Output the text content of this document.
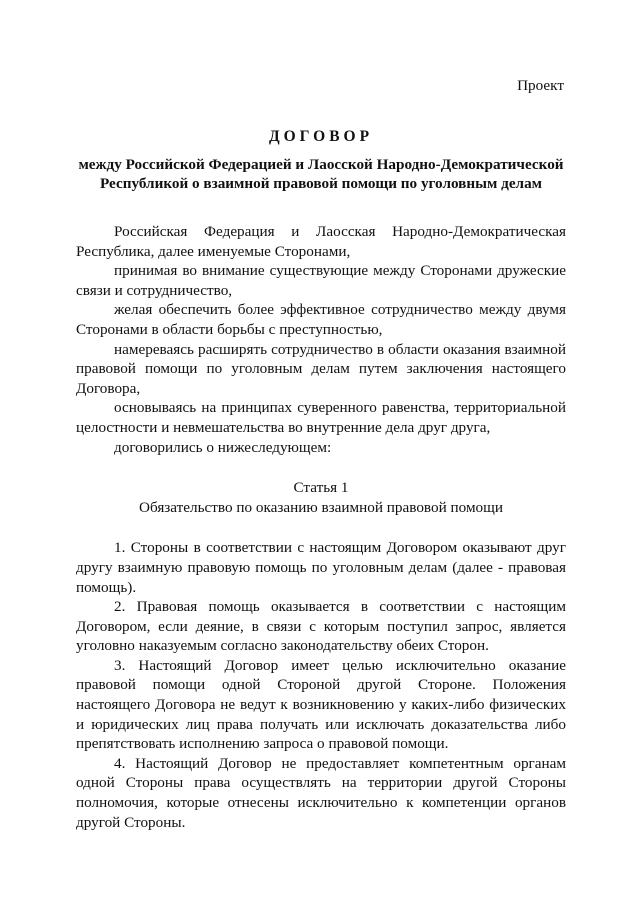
Проект

ДОГОВОР

между Российской Федерацией и Лаосской Народно-Демократической Республикой о взаимной правовой помощи по уголовным делам

Российская Федерация и Лаосская Народно-Демократическая Республика, далее именуемые Сторонами,

принимая во внимание существующие между Сторонами дружеские связи и сотрудничество,

желая обеспечить более эффективное сотрудничество между двумя Сторонами в области борьбы с преступностью,

намереваясь расширять сотрудничество в области оказания взаимной правовой помощи по уголовным делам путем заключения настоящего Договора,

основываясь на принципах суверенного равенства, территориальной целостности и невмешательства во внутренние дела друг друга,

договорились о нижеследующем:

Статья 1

Обязательство по оказанию взаимной правовой помощи

1. Стороны в соответствии с настоящим Договором оказывают друг другу взаимную правовую помощь по уголовным делам (далее - правовая помощь).

2. Правовая помощь оказывается в соответствии с настоящим Договором, если деяние, в связи с которым поступил запрос, является уголовно наказуемым согласно законодательству обеих Сторон.

3. Настоящий Договор имеет целью исключительно оказание правовой помощи одной Стороной другой Стороне. Положения настоящего Договора не ведут к возникновению у каких-либо физических и юридических лиц права получать или исключать доказательства либо препятствовать исполнению запроса о правовой помощи.

4. Настоящий Договор не предоставляет компетентным органам одной Стороны права осуществлять на территории другой Стороны полномочия, которые отнесены исключительно к компетенции органов другой Стороны.
